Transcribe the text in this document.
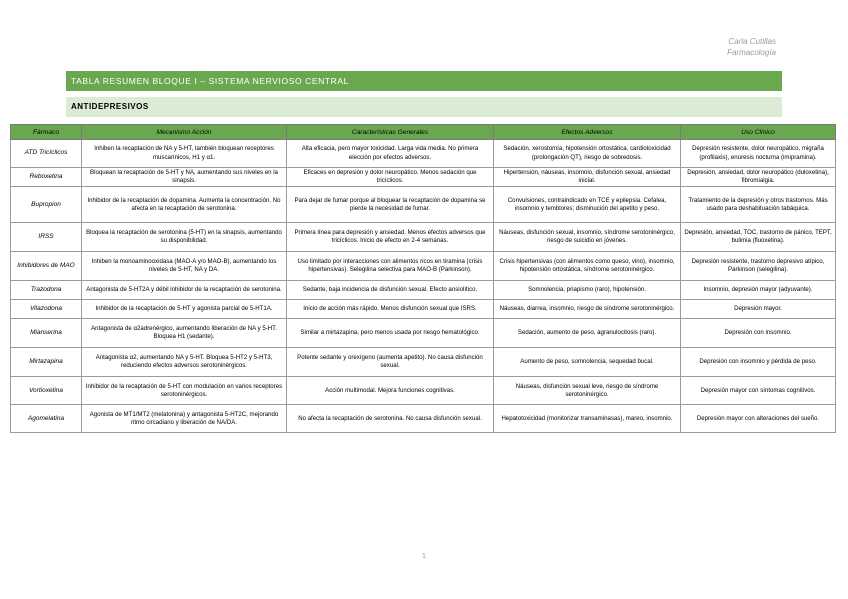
Carla Cutillas
Farmacología
TABLA RESUMEN BLOQUE I – SISTEMA NERVIOSO CENTRAL
ANTIDEPRESIVOS
Fármaco	Mecanismo Acción	Características Generales	Efectos Adversos	Uso Clínico
ATD Tricíclicos	Inhiben la recaptación de NA y 5-HT, también bloquean receptores muscarínicos, H1 y α1.	Alta eficacia, pero mayor toxicidad. Larga vida media. No primera elección por efectos adversos.	Sedación, xerostomía, hipotensión ortostática, cardiotoxicidad (prolongación QT), riesgo de sobredosis.	Depresión resistente, dolor neuropático, migraña (profilaxis), enuresis nocturna (imipramina).
Reboxetina	Bloquean la recaptación de 5-HT y NA, aumentando sus niveles en la sinapsis.	Eficaces en depresión y dolor neuropático. Menos sedación que tricíclicos.	Hipertensión, náuseas, insomnio, disfunción sexual, ansiedad inicial.	Depresión, ansiedad, dolor neuropático (duloxetina), fibromialgia.
Bupropion	Inhibidor de la recaptación de dopamina. Aumenta la concentración. No afecta en la recaptación de serotonina.	Para dejar de fumar porque al bloquear la recaptación de dopamina se pierde la necesidad de fumar.	Convulsiones, contraindicado en TCE y epilepsia. Cefalea, insomnio y temblores; disminución del apetito y peso.	Tratamiento de la depresión y otros trastornos. Más usado para deshabituación tabáquica.
IRSS	Bloquea la recaptación de serotonina (5-HT) en la sinapsis, aumentando su disponibilidad.	Primera línea para depresión y ansiedad. Menos efectos adversos que tricíclicos. Inicio de efecto en 2-4 semanas.	Náuseas, disfunción sexual, insomnio, síndrome serotoninérgico, riesgo de suicidio en jóvenes.	Depresión, ansiedad, TOC, trastorno de pánico, TEPT, bulimia (fluoxetina).
Inhibidores de MAO	Inhiben la monoaminooxidasa (MAO-A y/o MAO-B), aumentando los niveles de 5-HT, NA y DA.	Uso limitado por interacciones con alimentos ricos en tiramina (crisis hipertensivas). Selegilina selectiva para MAO-B (Parkinson).	Crisis hipertensivas (con alimentos como queso, vino), insomnio, hipotensión ortostática, síndrome serotoninérgico.	Depresión resistente, trastorno depresivo atípico, Parkinson (selegilina).
Trazodona	Antagonista de 5-HT2A y débil inhibidor de la recaptación de serotonina.	Sedante, baja incidencia de disfunción sexual. Efecto ansiolítico.	Somnolencia, priapismo (raro), hipotensión.	Insomnio, depresión mayor (adyuvante).
Vilazodona	Inhibidor de la recaptación de 5-HT y agonista parcial de 5-HT1A.	Inicio de acción más rápido. Menos disfunción sexual que ISRS.	Náuseas, diarrea, insomnio, riesgo de síndrome serotoninérgico.	Depresión mayor.
Mianserina	Antagonista de α2adrenérgico, aumentando liberación de NA y 5-HT. Bloquea H1 (sedante).	Similar a mirtazapina, pero menos usada por riesgo hematológico.	Sedación, aumento de peso, agranulocitosis (raro).	Depresión con insomnio.
Mirtazapina	Antagonista α2, aumentando NA y 5-HT. Bloquea 5-HT2 y 5-HT3, reduciendo efectos adversos serotoninérgicos.	Potente sedante y orexígeno (aumenta apetito). No causa disfunción sexual.	Aumento de peso, somnolencia, sequedad bucal.	Depresión con insomnio y pérdida de peso.
Vortioxetina	Inhibidor de la recaptación de 5-HT con modulación en varios receptores serotoninérgicos.	Acción multimodal. Mejora funciones cognitivas.	Náuseas, disfunción sexual leve, riesgo de síndrome serotoninérgico.	Depresión mayor con síntomas cognitivos.
Agomelatina	Agonista de MT1/MT2 (melatonina) y antagonista 5-HT2C, mejorando ritmo circadiano y liberación de NA/DA.	No afecta la recaptación de serotonina. No causa disfunción sexual.	Hepatotoxicidad (monitorizar transaminasas), mareo, insomnio.	Depresión mayor con alteraciones del sueño.
1
